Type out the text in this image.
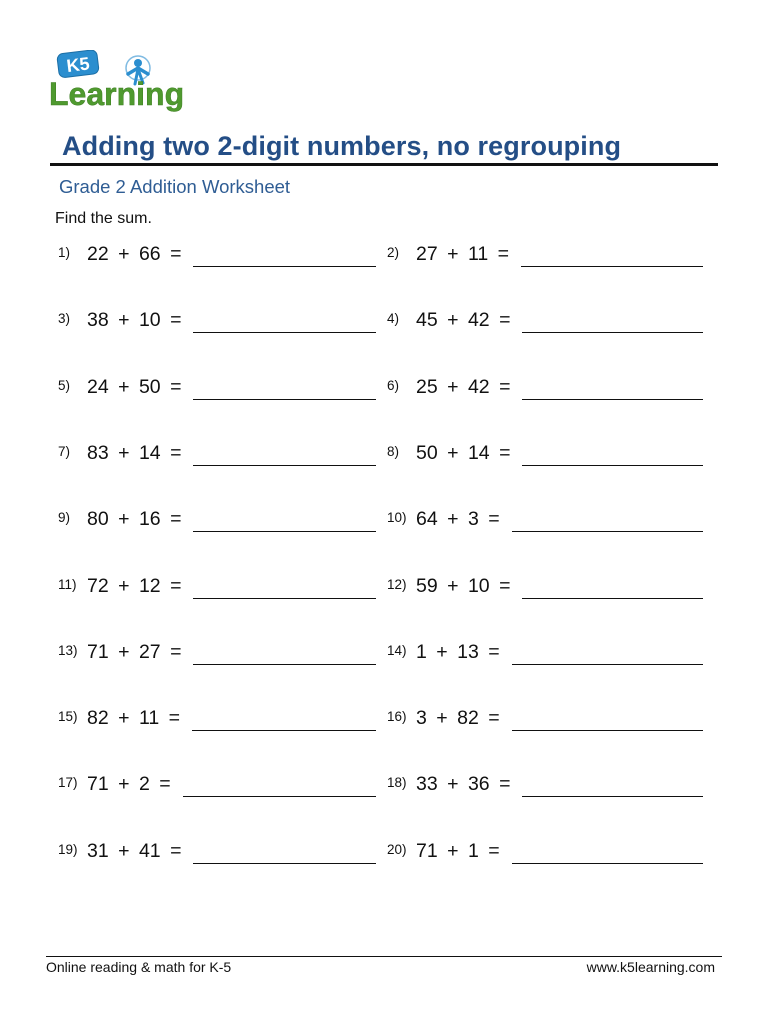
K5
Learning
Adding two 2-digit numbers, no regrouping
Grade 2 Addition Worksheet
Find the sum.
1) 22 + 66 =	2) 27 + 11 =
3) 38 + 10 =	4) 45 + 42 =
5) 24 + 50 =	6) 25 + 42 =
7) 83 + 14 =	8) 50 + 14 =
9) 80 + 16 =	10) 64 + 3 =
11) 72 + 12 =	12) 59 + 10 =
13) 71 + 27 =	14) 1 + 13 =
15) 82 + 11 =	16) 3 + 82 =
17) 71 + 2 =	18) 33 + 36 =
19) 31 + 41 =	20) 71 + 1 =
Online reading & math for K-5	www.k5learning.com
